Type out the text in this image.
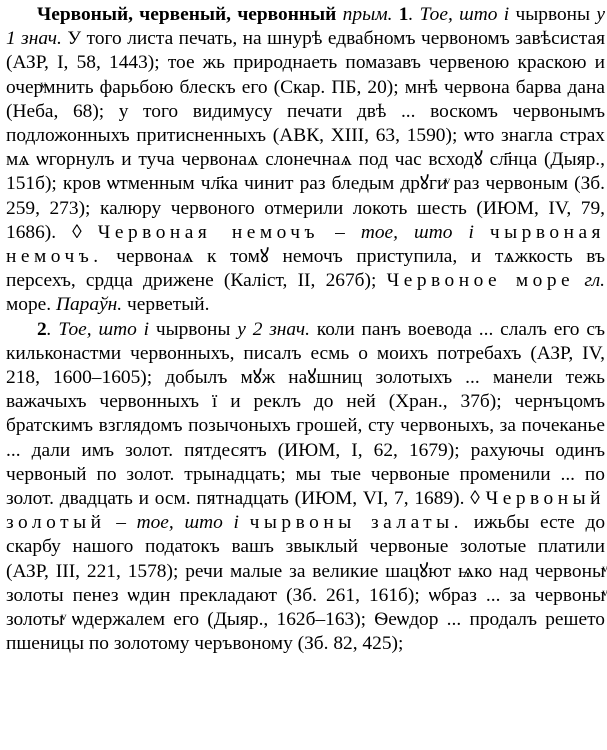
Червоный, червеный, червонный прым. 1. Тое, што і чырвоны у 1 знач. У того листа печать, на шнурѣ едвабномъ червономъ завѣсистая (АЗР, І, 58, 1443); тое жь природнаеть помазавъ червеною краскою и очерͮмнить фарьбою блескъ его (Скар. ПБ, 20); мнѣ червона барва дана (Неба, 68); у того видимусу печати двѣ ... воскомъ червонымъ подложонныхъ притисненныхъ (АВК, XIII, 63, 1590); ѡто знагла страх мѧ ѡгорнулъ и туча червонаѧ слонечнаѧ под час всходꙋ сл҃нца (Дыяр., 151б); кров ѡтменным чл҃ка чинит раз бледым дрꙋгиͮ раз червоным (Зб. 259, 273); калюру червоного отмерили локоть шесть (ИЮМ, IV, 79, 1686). ◊ Червоная немочъ – тое, што і чырвоная немочъ. червонаѧ к томꙋ немочъ приступила, и тѧжкость въ персехъ, срдца дрижене (Каліст, ІІ, 267б); Червоное море гл. море. Параўн. черветый.

2. Тое, што і чырвоны у 2 знач. коли панъ воевода ... слалъ его съ кильконастми червонныхъ, писалъ есмь о моихъ потребахъ (АЗР, IV, 218, 1600–1605); добылъ мꙋж наꙋшниц золотыхъ ... манели тежь важачыхъ червонныхъ ї и реклъ до ней (Хран., 37б); чернъцомъ братскимъ взглядомъ позычоныхъ грошей, сту червоныхъ, за почеканье ... дали имъ золот. пятдесятъ (ИЮМ, І, 62, 1679); рахуючы одинъ червоный по золот. трынадцать; мы тые червоные променили ... по золот. двадцать и осм. пятнадцать (ИЮМ, VI, 7, 1689). ◊ Червоный золотый – тое, што і чырвоны залаты. ижьбы есте до скарбу нашого податокъ вашъ звыклый червоные золотые платили (АЗР, ІІІ, 221, 1578); речи малые за великие шацꙋют ѩко над червоныͮ золоты пенез ѡдин прекладают (Зб. 261, 161б); ѡбраз ... за червоныͮ золотыͮ ѡдержалем его (Дыяр., 162б–163); Ѳеѡдор ... продалъ решето пшеницы по золотому черъвоному (Зб. 82, 425);
